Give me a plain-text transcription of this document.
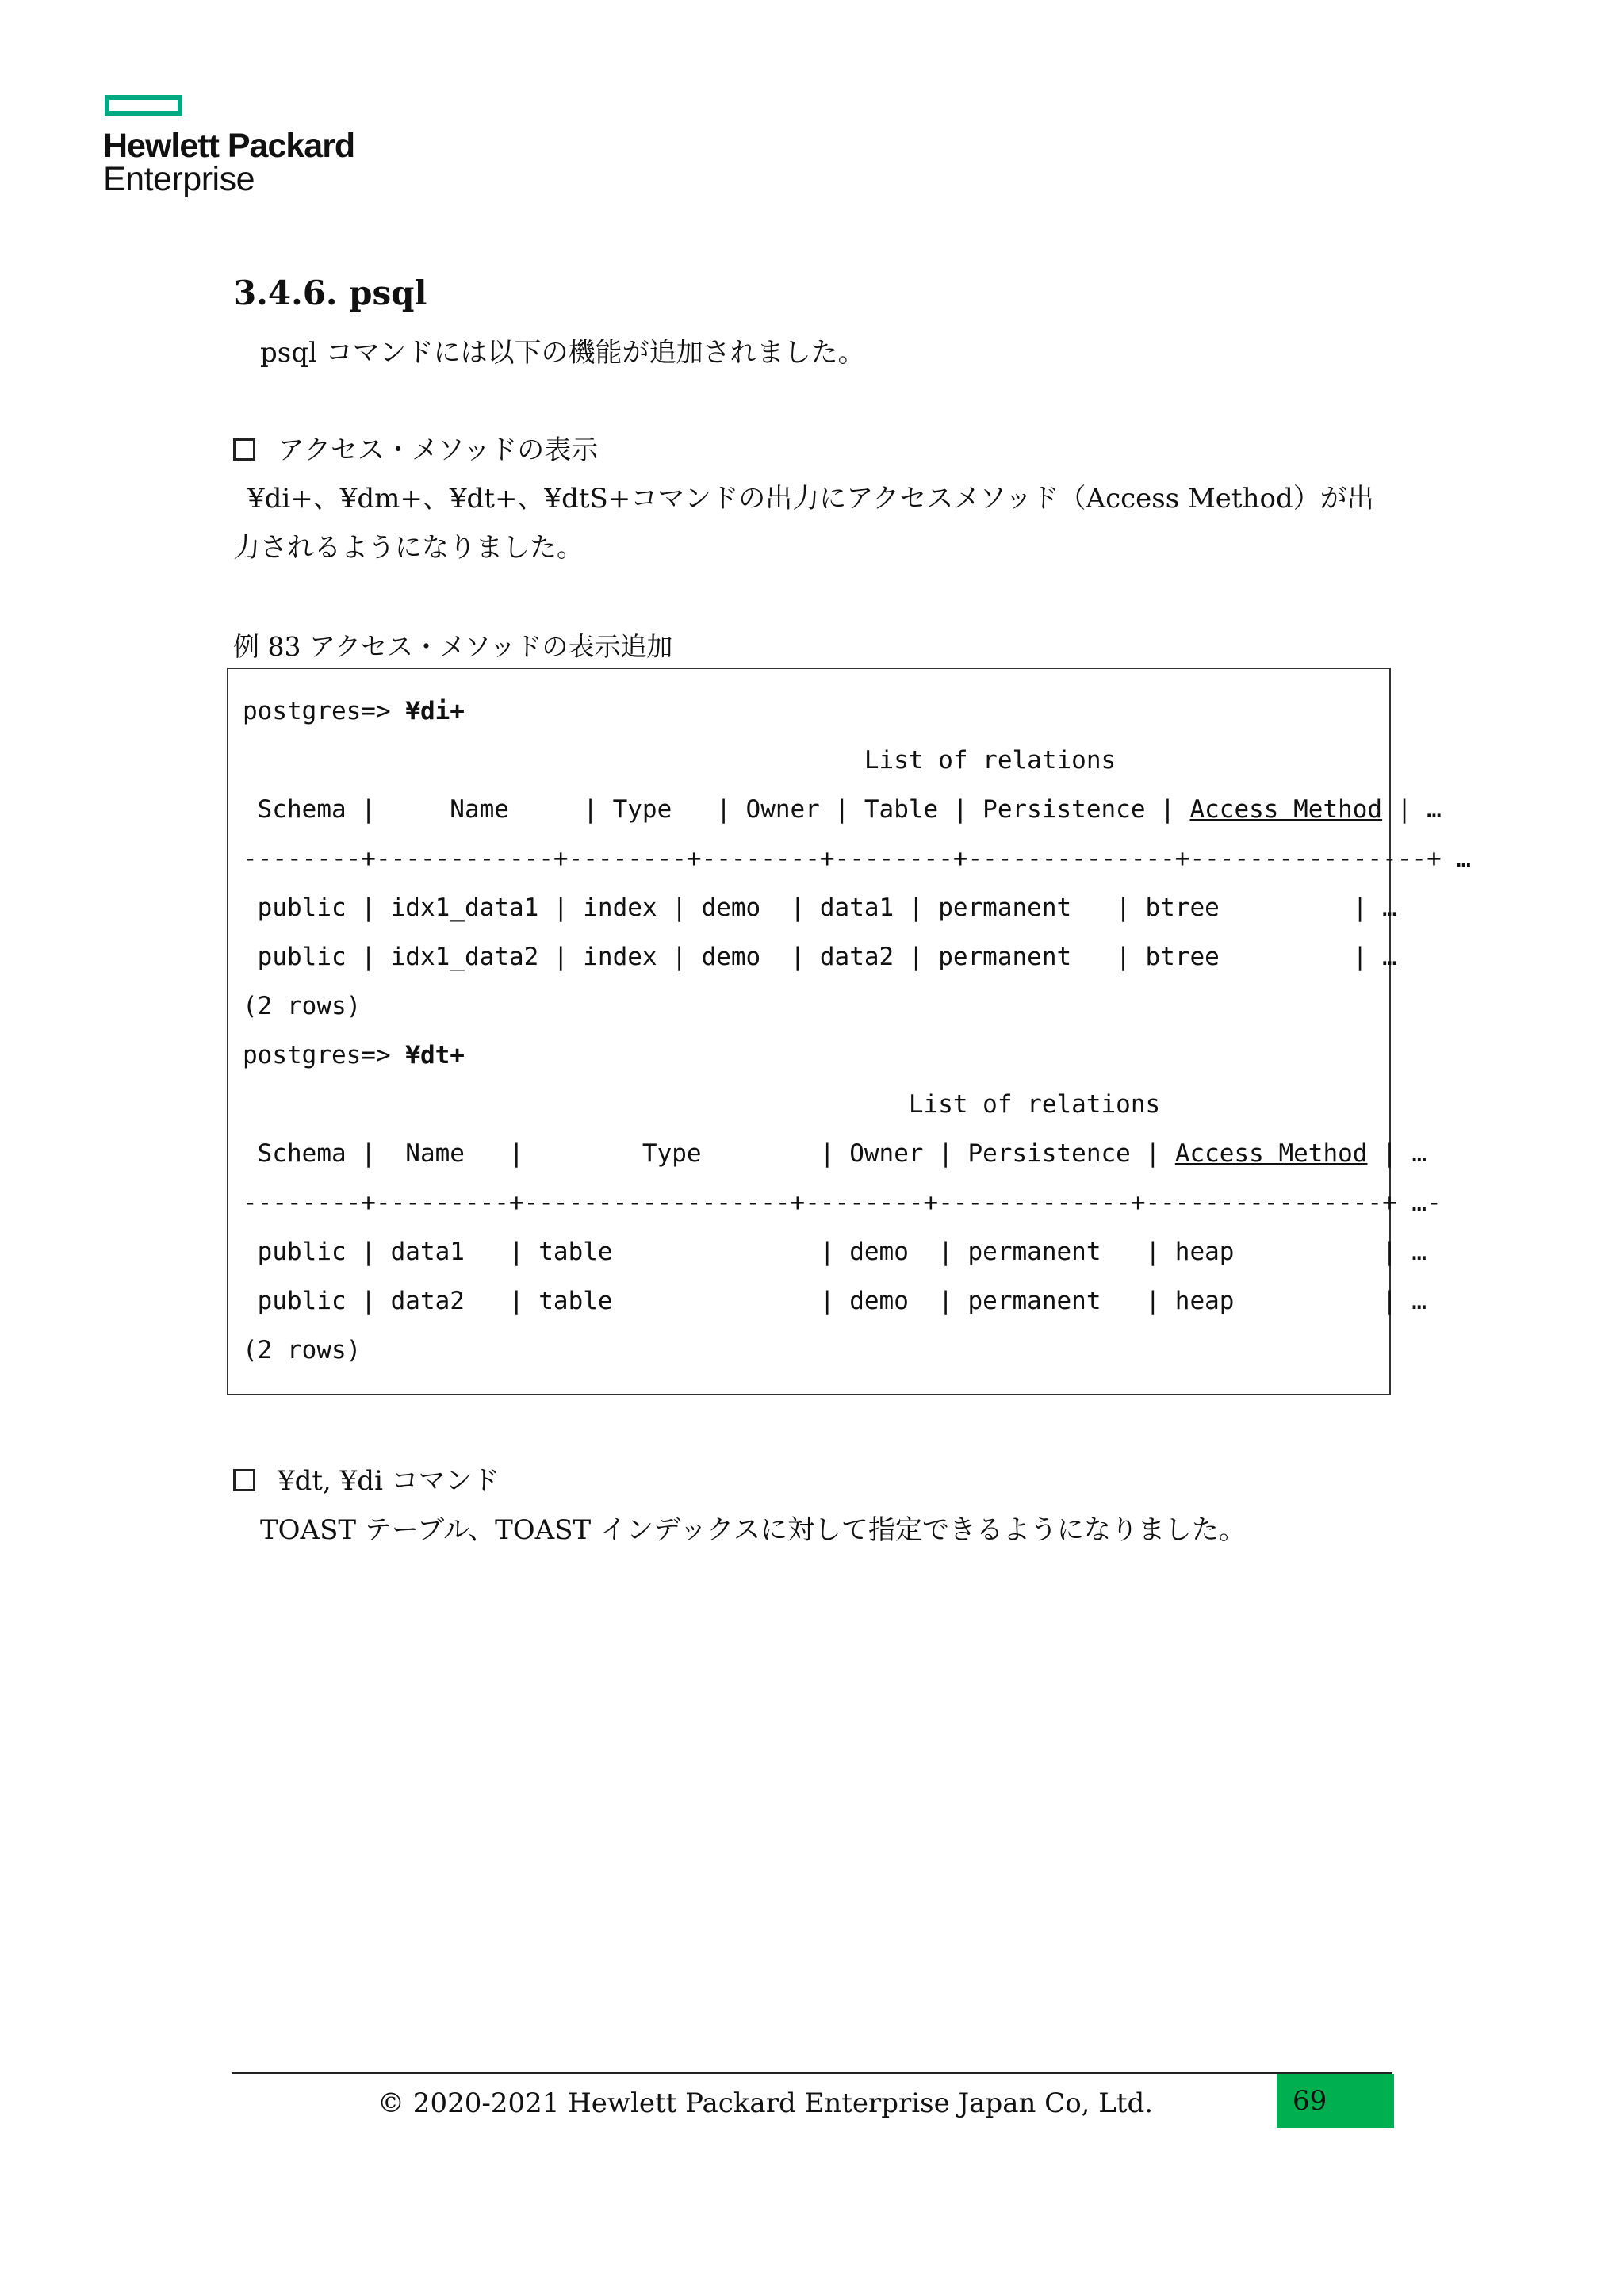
Hewlett Packard
Enterprise
3.4.6. psql
psql コマンドには以下の機能が追加されました。
アクセス・メソッドの表示
¥di+、¥dm+、¥dt+、¥dtS+コマンドの出力にアクセスメソッド（Access Method）が出
力されるようになりました。
例 83 アクセス・メソッドの表示追加
postgres=> ¥di+
List of relations
Schema |     Name     | Type   | Owner | Table | Persistence | Access Method | …
--------+------------+--------+--------+--------+--------------+----------------+ …
public | idx1_data1 | index | demo  | data1 | permanent   | btree         | …
public | idx1_data2 | index | demo  | data2 | permanent   | btree         | …
(2 rows)
postgres=> ¥dt+
List of relations
Schema |  Name   |        Type        | Owner | Persistence | Access Method | …
--------+---------+------------------+--------+-------------+----------------+ …-
public | data1   | table              | demo  | permanent   | heap          | …
public | data2   | table              | demo  | permanent   | heap          | …
(2 rows)
¥dt, ¥di コマンド
TOAST テーブル、TOAST インデックスに対して指定できるようになりました。
© 2020-2021 Hewlett Packard Enterprise Japan Co, Ltd.	69
